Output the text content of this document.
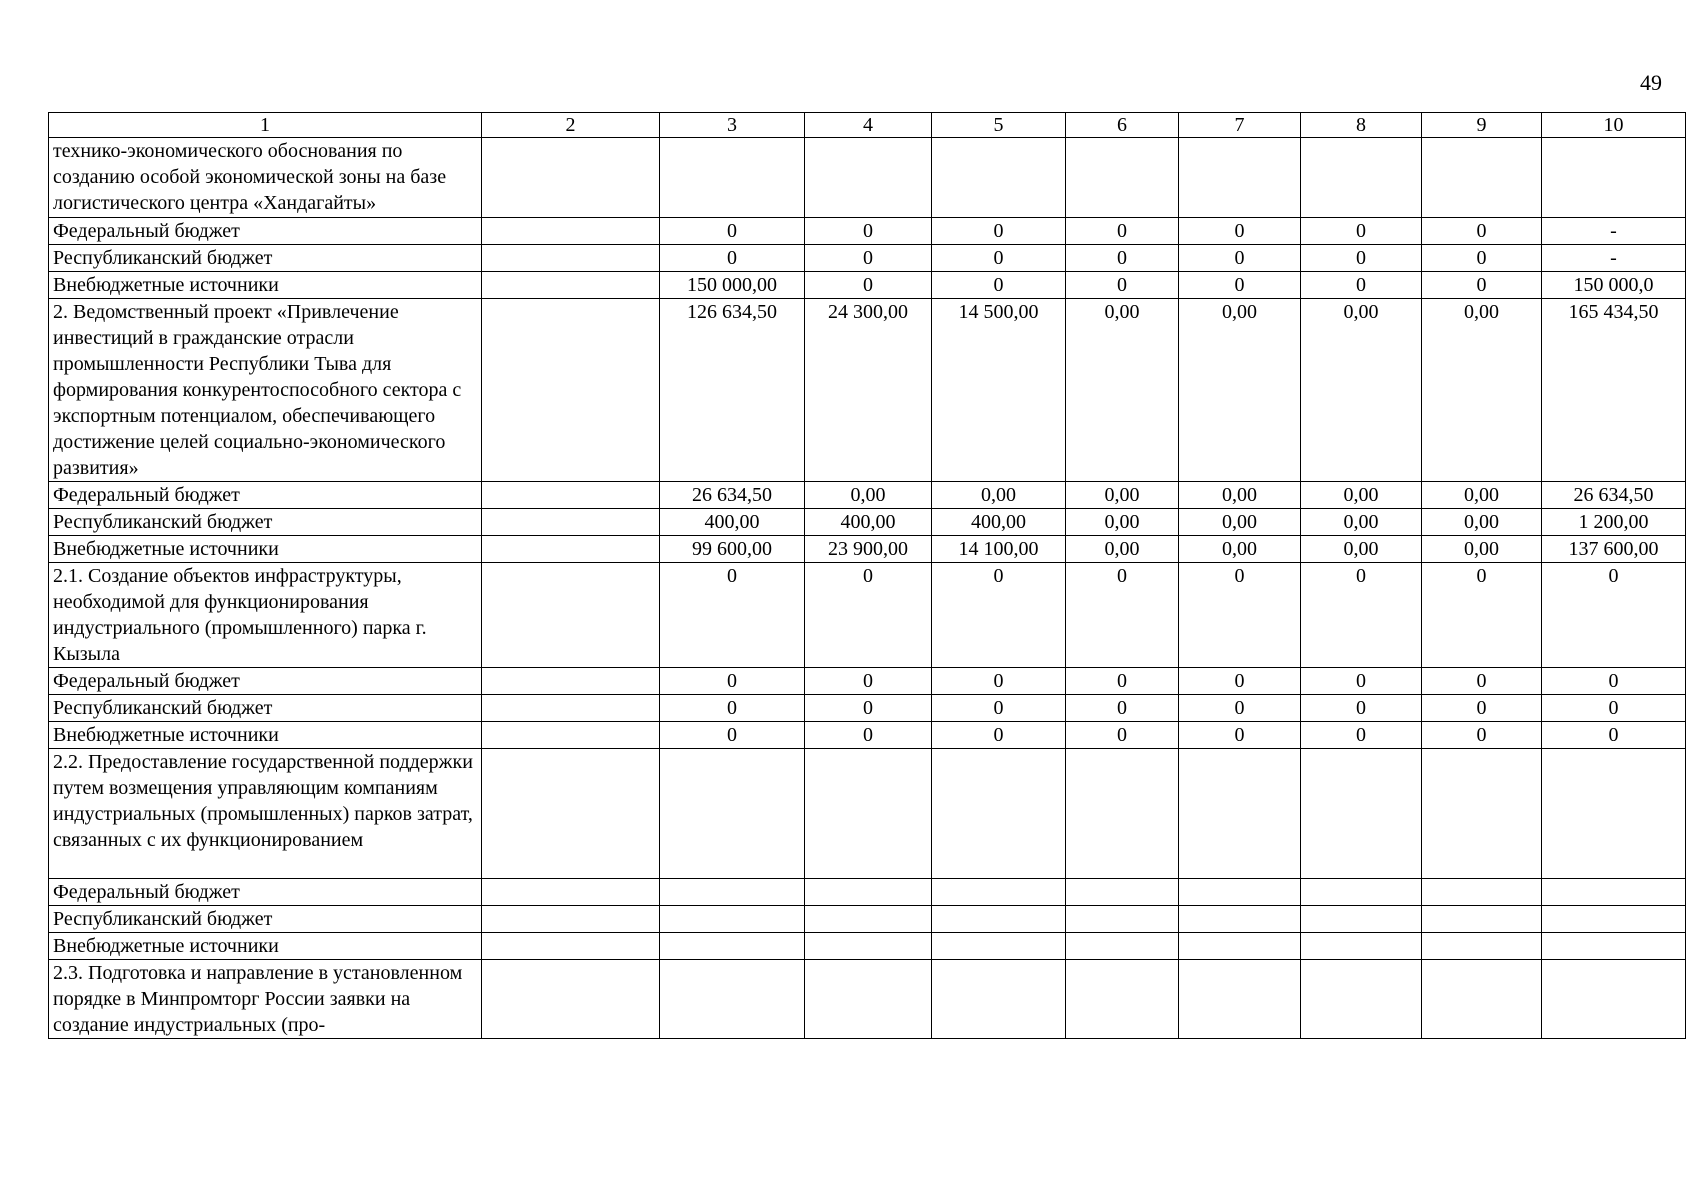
49
1	2	3	4	5	6	7	8	9	10
технико-экономического обоснования по созданию особой экономической зоны на базе логистического центра «Хандагайты»									
Федеральный бюджет		0	0	0	0	0	0	0	-
Республиканский бюджет		0	0	0	0	0	0	0	-
Внебюджетные источники		150 000,00	0	0	0	0	0	0	150 000,0
2. Ведомственный проект «Привлечение инвестиций в гражданские отрасли промышленности Республики Тыва для формирования конкурентоспособного сектора с экспортным потенциалом, обеспечивающего достижение целей социально-экономического развития»		126 634,50	24 300,00	14 500,00	0,00	0,00	0,00	0,00	165 434,50
Федеральный бюджет		26 634,50	0,00	0,00	0,00	0,00	0,00	0,00	26 634,50
Республиканский бюджет		400,00	400,00	400,00	0,00	0,00	0,00	0,00	1 200,00
Внебюджетные источники		99 600,00	23 900,00	14 100,00	0,00	0,00	0,00	0,00	137 600,00
2.1. Создание объектов инфраструктуры, необходимой для функционирования индустриального (промышленного) парка г. Кызыла		0	0	0	0	0	0	0	0
Федеральный бюджет		0	0	0	0	0	0	0	0
Республиканский бюджет		0	0	0	0	0	0	0	0
Внебюджетные источники		0	0	0	0	0	0	0	0
2.2. Предоставление государственной поддержки путем возмещения управляющим компаниям индустриальных (промышленных) парков затрат, связанных с их функционированием									
Федеральный бюджет									
Республиканский бюджет									
Внебюджетные источники									
2.3. Подготовка и направление в установленном порядке в Минпромторг России заявки на создание индустриальных (про-									
